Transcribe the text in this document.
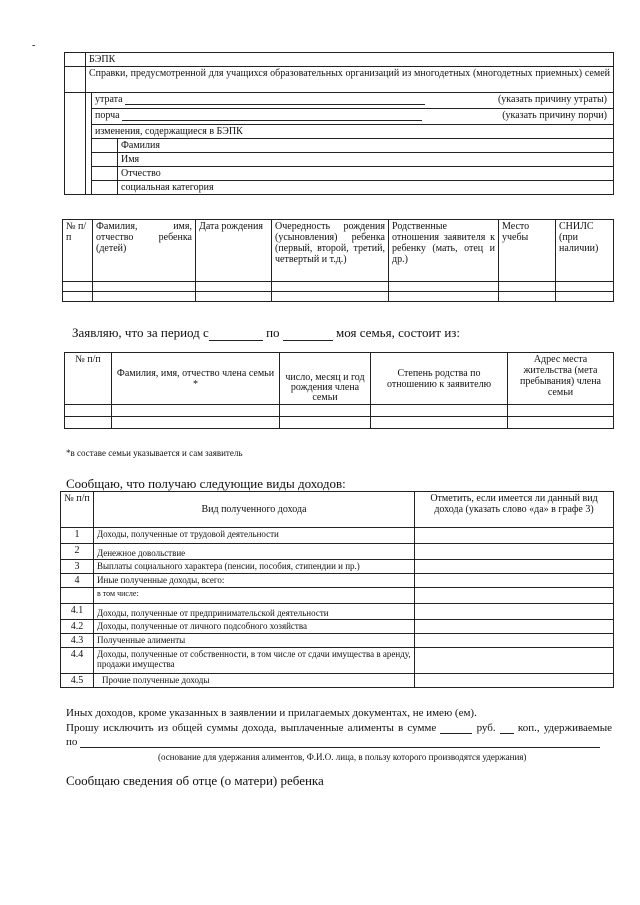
-
	БЭПК		
	Справки, предусмотренной для учащихся образовательных организаций из многодетных (многодетных приемных) семей		
		утрата (указать причину утраты)	

		порча (указать причину порчи)	

		изменения, содержащиеся в БЭПК	
			Фамилия
			Имя
			Отчество
			социальная категория
№ п/п	Фамилия, имя, отчество ребенка (детей)	Дата рождения	Очередность рождения (усыновления) ребенка (первый, второй, третий, четвертый и т.д.)	Родственные отношения заявителя к ребенку (мать, отец и др.)	Место учебы	СНИЛС (при наличии)

Заявляю, что за период с	по	моя семья, состоит из:
№ п/п	Фамилия, имя, отчество члена семьи *	число, месяц и год рождения члена семьи	Степень родства по отношению к заявителю	Адрес места жительства (мета пребывания) члена семьи

*в составе семьи указывается и сам заявитель
Сообщаю, что получаю следующие виды доходов:
№ п/п	Вид полученного дохода	Отметить, если имеется ли данный вид дохода (указать слово «да» в графе 3)
1	Доходы, полученные от трудовой деятельности	
2	Денежное довольствие	
3	Выплаты социального характера (пенсии, пособия, стипендии и пр.)	
4	Иные полученные доходы, всего:	
	в том числе:	
4.1	Доходы, полученные от предпринимательской деятельности	
4.2	Доходы, полученные от личного подсобного хозяйства	
4.3	Полученные алименты	
4.4	Доходы, полученные от собственности, в том числе от сдачи имущества в аренду, продажи имущества	
4.5	Прочие полученные доходы	
Иных доходов, кроме указанных в заявлении и прилагаемых документах, не имею (ем).
Прошу исключить из общей суммы дохода, выплаченные алименты в сумме	руб. коп., удерживаемые
по
(основание для удержания алиментов, Ф.И.О. лица, в пользу которого производятся удержания)
Сообщаю сведения об отце (о матери) ребенка
